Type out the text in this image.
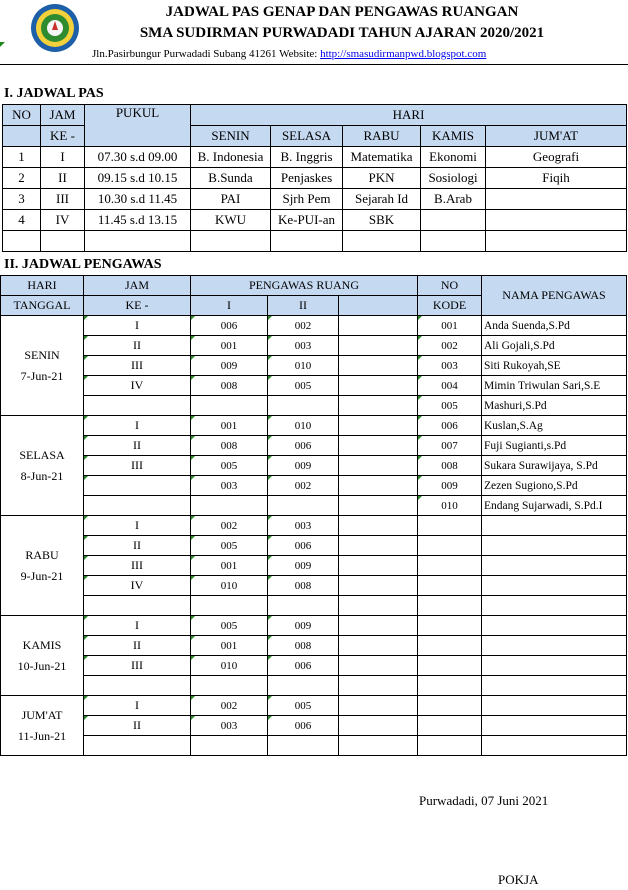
JADWAL PAS GENAP DAN PENGAWAS RUANGAN
SMA SUDIRMAN PURWADADI TAHUN AJARAN 2020/2021
Jln.Pasirbungur Purwadadi Subang 41261 Website: http://smasudirmanpwd.blogspot.com
I. JADWAL PAS
NO	JAM	PUKUL	HARI				
	KE -		SENIN	SELASA	RABU	KAMIS	JUM'AT
1	I	07.30 s.d 09.00	B. Indonesia	B. Inggris	Matematika	Ekonomi	Geografi
2	II	09.15 s.d 10.15	B.Sunda	Penjaskes	PKN	Sosiologi	Fiqih
3	III	10.30 s.d 11.45	PAI	Sjrh Pem	Sejarah Id	B.Arab	
4	IV	11.45 s.d 13.15	KWU	Ke-PUI-an	SBK		

II. JADWAL PENGAWAS
HARI	JAM	PENGAWAS RUANG			NO	NAMA PENGAWAS
TANGGAL	KE -	I	II		KODE	

SENIN
7-Jun-21	I	006	002		001	Anda Suenda,S.Pd
	II	001	003		002	Ali Gojali,S.Pd
	III	009	010		003	Siti Rukoyah,SE
	IV	008	005		004	Mimin Triwulan Sari,S.E
					005	Mashuri,S.Pd

SELASA
8-Jun-21	I	001	010		006	Kuslan,S.Ag
	II	008	006		007	Fuji Sugianti,s.Pd
	III	005	009		008	Sukara Surawijaya, S.Pd
		003	002		009	Zezen Sugiono,S.Pd
					010	Endang Sujarwadi, S.Pd.I

RABU
9-Jun-21	I	002	003			
	II	005	006			
	III	001	009			
	IV	010	008			

KAMIS
10-Jun-21	I	005	009			
	II	001	008			
	III	010	006			

JUM'AT
11-Jun-21	I	002	005			
	II	003	006			

Purwadadi, 07 Juni 2021
POKJA
